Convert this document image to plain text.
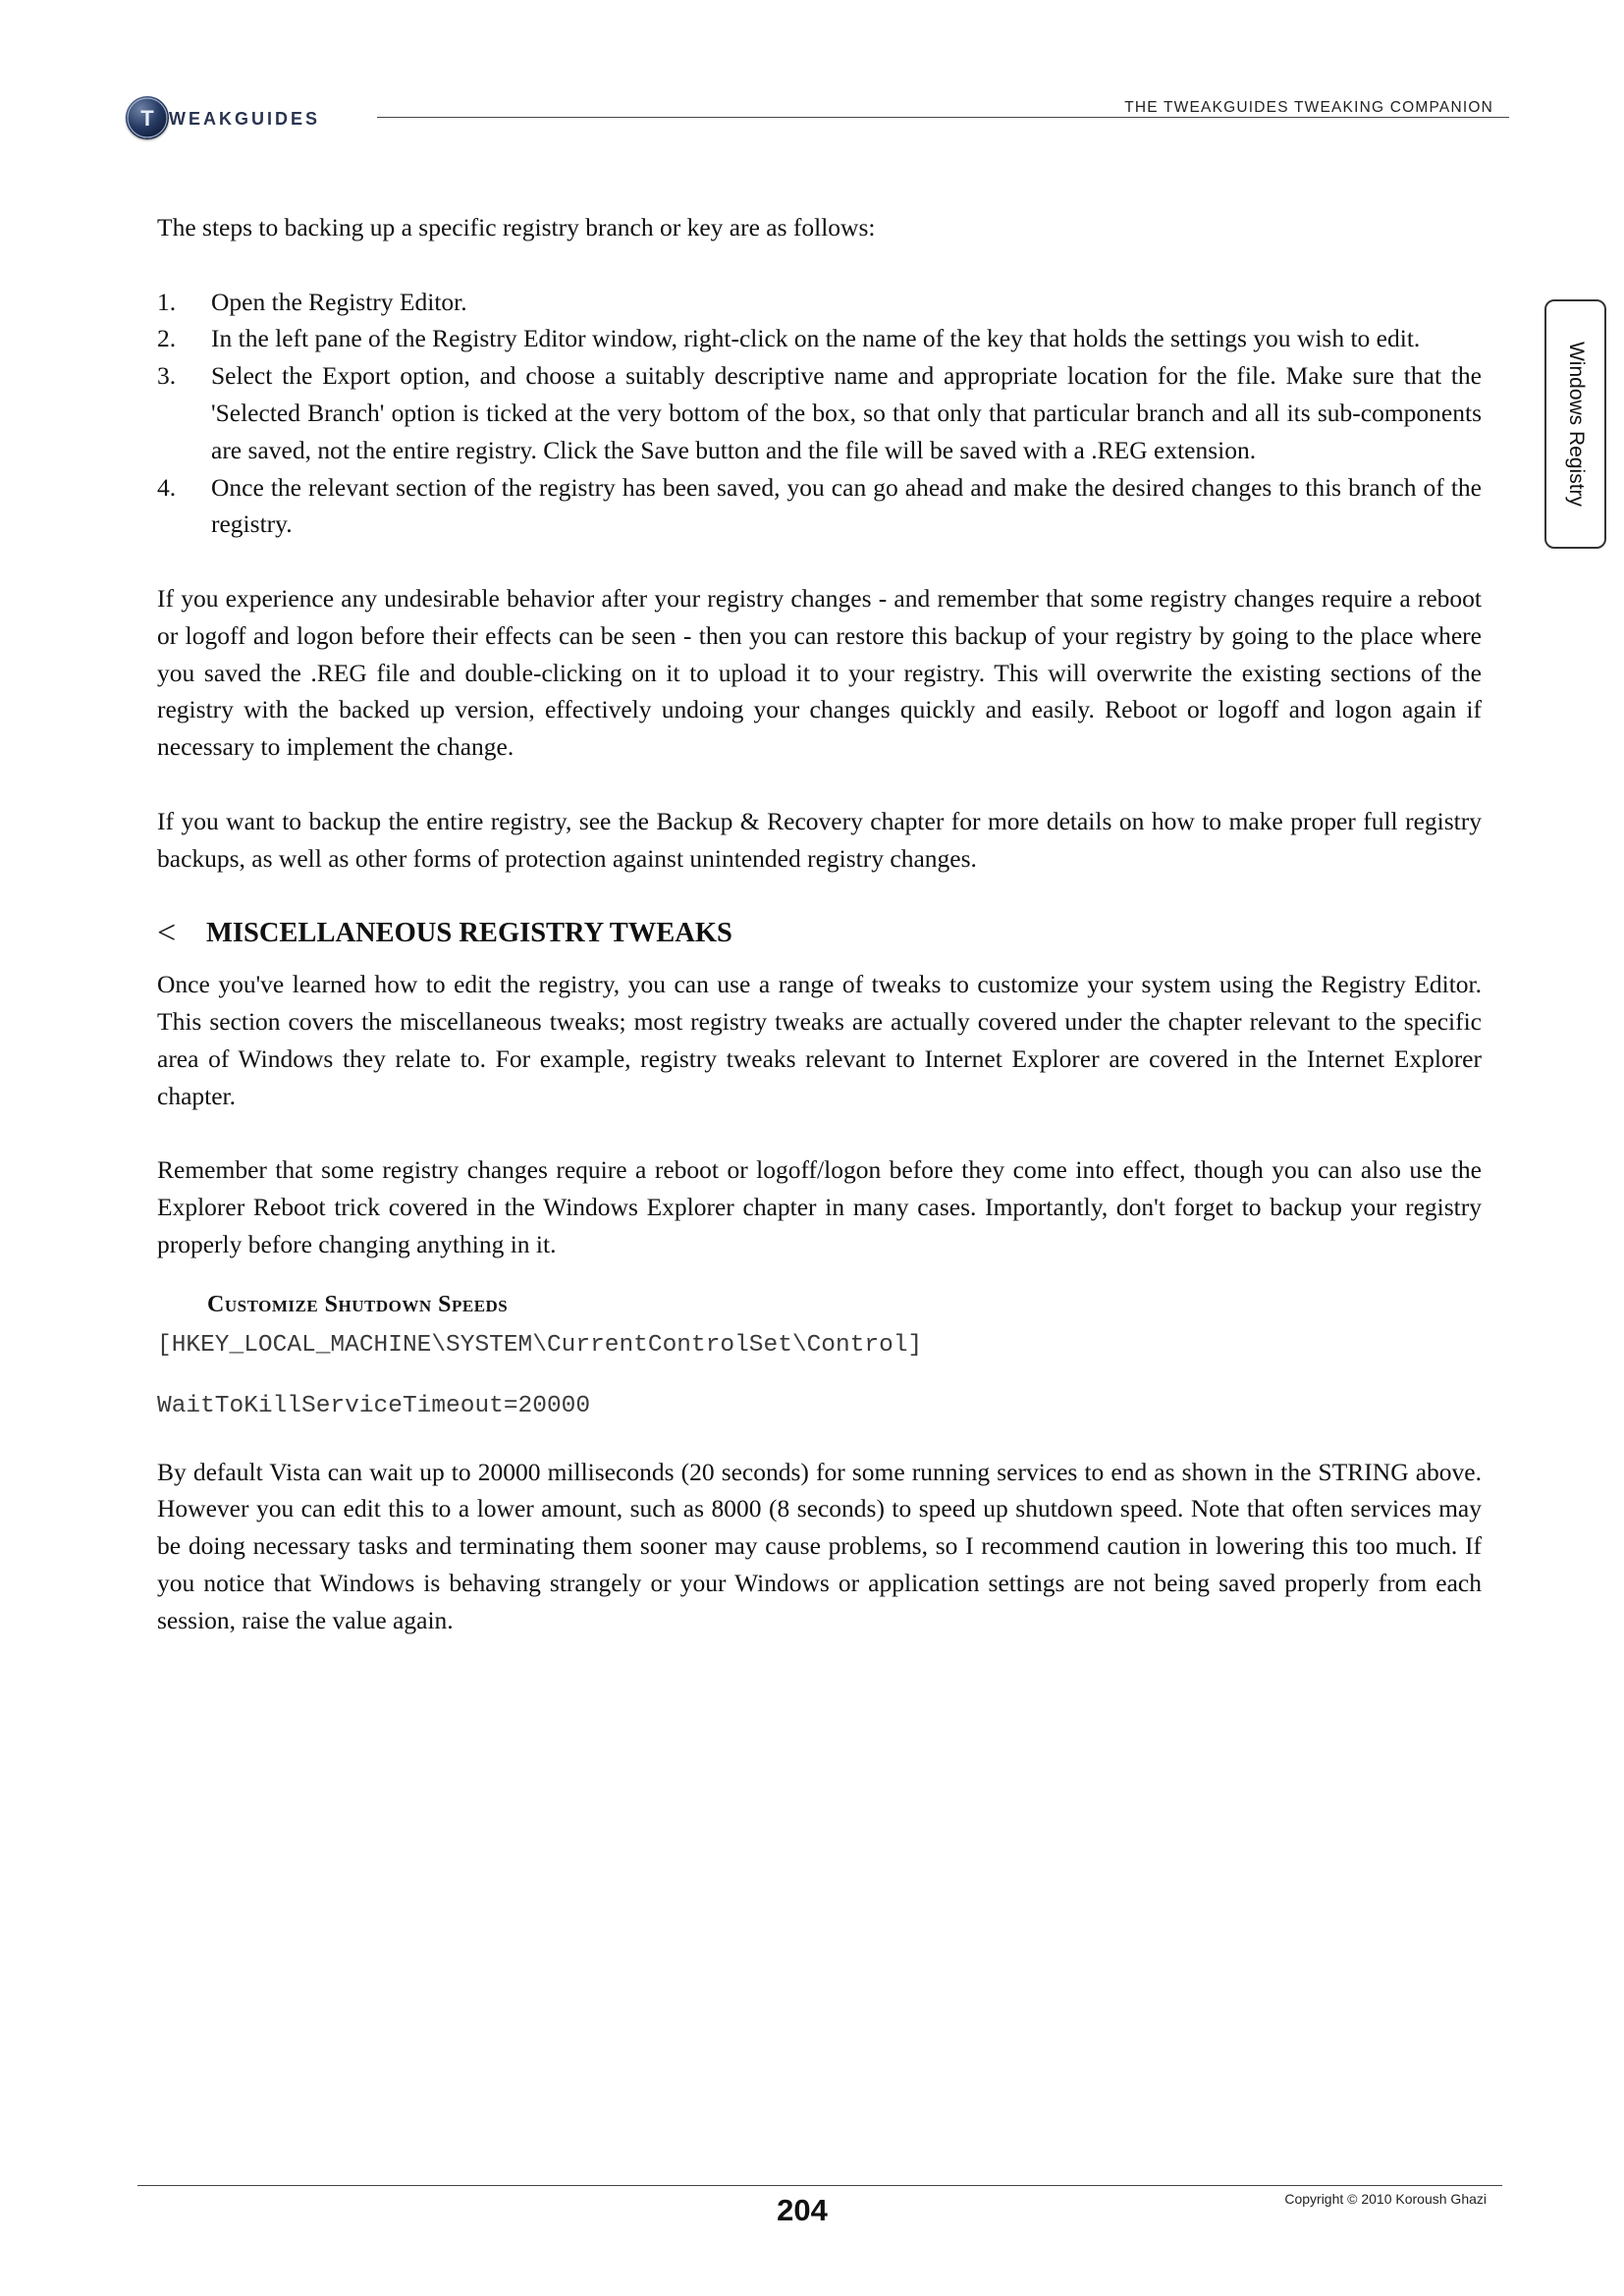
T WEAKGUIDES
THE TWEAKGUIDES TWEAKING COMPANION
Windows Registry

The steps to backing up a specific registry branch or key are as follows:

1. Open the Registry Editor.
2. In the left pane of the Registry Editor window, right-click on the name of the key that holds the settings you wish to edit.
3. Select the Export option, and choose a suitably descriptive name and appropriate location for the file. Make sure that the 'Selected Branch' option is ticked at the very bottom of the box, so that only that particular branch and all its sub-components are saved, not the entire registry. Click the Save button and the file will be saved with a .REG extension.
4. Once the relevant section of the registry has been saved, you can go ahead and make the desired changes to this branch of the registry.

If you experience any undesirable behavior after your registry changes - and remember that some registry changes require a reboot or logoff and logon before their effects can be seen - then you can restore this backup of your registry by going to the place where you saved the .REG file and double-clicking on it to upload it to your registry. This will overwrite the existing sections of the registry with the backed up version, effectively undoing your changes quickly and easily. Reboot or logoff and logon again if necessary to implement the change.

If you want to backup the entire registry, see the Backup & Recovery chapter for more details on how to make proper full registry backups, as well as other forms of protection against unintended registry changes.

<	MISCELLANEOUS REGISTRY TWEAKS

Once you've learned how to edit the registry, you can use a range of tweaks to customize your system using the Registry Editor. This section covers the miscellaneous tweaks; most registry tweaks are actually covered under the chapter relevant to the specific area of Windows they relate to. For example, registry tweaks relevant to Internet Explorer are covered in the Internet Explorer chapter.

Remember that some registry changes require a reboot or logoff/logon before they come into effect, though you can also use the Explorer Reboot trick covered in the Windows Explorer chapter in many cases. Importantly, don't forget to backup your registry properly before changing anything in it.

Customize Shutdown Speeds
[HKEY_LOCAL_MACHINE\SYSTEM\CurrentControlSet\Control]
WaitToKillServiceTimeout=20000

By default Vista can wait up to 20000 milliseconds (20 seconds) for some running services to end as shown in the STRING above. However you can edit this to a lower amount, such as 8000 (8 seconds) to speed up shutdown speed. Note that often services may be doing necessary tasks and terminating them sooner may cause problems, so I recommend caution in lowering this too much. If you notice that Windows is behaving strangely or your Windows or application settings are not being saved properly from each session, raise the value again.

204	Copyright © 2010 Koroush Ghazi
